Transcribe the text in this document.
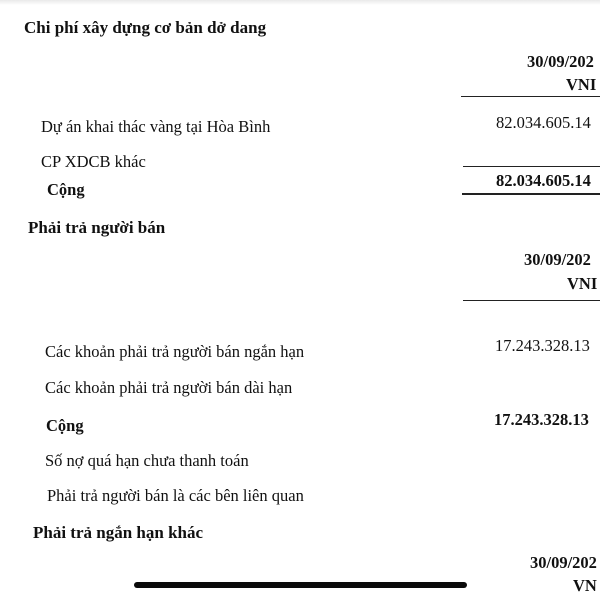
Chi phí xây dựng cơ bản dở dang
30/09/202
VNI
Dự án khai thác vàng tại Hòa Bình	82.034.605.14
CP XDCB khác
Cộng	82.034.605.14
Phải trả người bán
30/09/202
VNI
Các khoản phải trả người bán ngắn hạn	17.243.328.13
Các khoản phải trả người bán dài hạn
Cộng	17.243.328.13
Số nợ quá hạn chưa thanh toán
Phải trả người bán là các bên liên quan
Phải trả ngắn hạn khác
30/09/202
VN
